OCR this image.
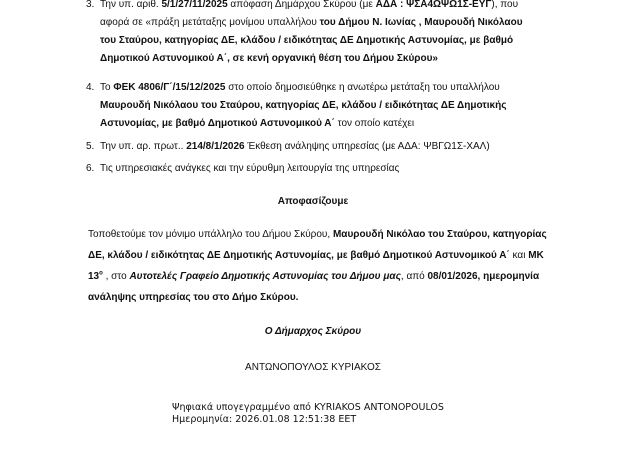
3. Την υπ. αριθ. 5/1/27/11/2025 απόφαση Δημάρχου Σκύρου (με ΑΔΑ : ΨΣΑ4ΩΨΩ1Σ-ΕΥΓ), που
αφορά σε «πράξη μετάταξης μονίμου υπαλλήλου του Δήμου Ν. Ιωνίας , Μαυρουδή Νικόλαου
του Σταύρου, κατηγορίας ΔΕ, κλάδου / ειδικότητας ΔΕ Δημοτικής Αστυνομίας, με βαθμό
Δημοτικού Αστυνομικού Α΄, σε κενή οργανική θέση του Δήμου Σκύρου»
4. Το ΦΕΚ 4806/Γ΄/15/12/2025 στο οποίο δημοσιεύθηκε η ανωτέρω μετάταξη του υπαλλήλου
Μαυρουδή Νικόλαου του Σταύρου, κατηγορίας ΔΕ, κλάδου / ειδικότητας ΔΕ Δημοτικής
Αστυνομίας, με βαθμό Δημοτικού Αστυνομικού Α΄ τον οποίο κατέχει
5. Την υπ. αρ. πρωτ.. 214/8/1/2026 Έκθεση ανάληψης υπηρεσίας (με ΑΔΑ: ΨΒΓΩ1Σ-ΧΑΛ)
6. Τις υπηρεσιακές ανάγκες και την εύρυθμη λειτουργία της υπηρεσίας
Αποφασίζουμε
Τοποθετούμε τον μόνιμο υπάλληλο του Δήμου Σκύρου, Μαυρουδή Νικόλαο του Σταύρου, κατηγορίας
ΔΕ, κλάδου / ειδικότητας ΔΕ Δημοτικής Αστυνομίας, με βαθμό Δημοτικού Αστυνομικού Α΄ και ΜΚ
$13^o$ , στο Αυτοτελές Γραφείο Δημοτικής Αστυνομίας του Δήμου μας, από 08/01/2026, ημερομηνία
ανάληψης υπηρεσίας του στο Δήμο Σκύρου.
Ο Δήμαρχος Σκύρου
ΑΝΤΩΝΟΠΟΥΛΟΣ ΚΥΡΙΑΚΟΣ
Ψηφιακά υπογεγραμμένο από KYRIAKOS ANTONOPOULOS
Ημερομηνία: 2026.01.08 12:51:38 EET
